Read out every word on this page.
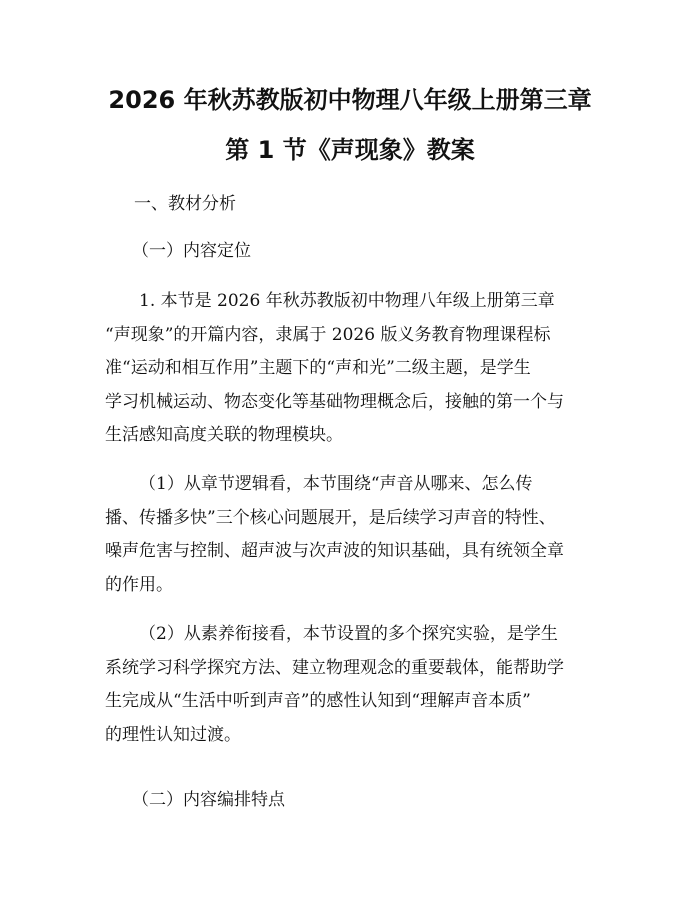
2026 年秋苏教版初中物理八年级上册第三章
第 1 节《声现象》教案
一、教材分析
（一）内容定位
1. 本节是 2026 年秋苏教版初中物理八年级上册第三章
“声现象”的开篇内容，隶属于 2026 版义务教育物理课程标
准“运动和相互作用”主题下的“声和光”二级主题，是学生
学习机械运动、物态变化等基础物理概念后，接触的第一个与
生活感知高度关联的物理模块。
（1）从章节逻辑看，本节围绕“声音从哪来、怎么传
播、传播多快”三个核心问题展开，是后续学习声音的特性、
噪声危害与控制、超声波与次声波的知识基础，具有统领全章
的作用。
（2）从素养衔接看，本节设置的多个探究实验，是学生
系统学习科学探究方法、建立物理观念的重要载体，能帮助学
生完成从“生活中听到声音”的感性认知到“理解声音本质”
的理性认知过渡。
（二）内容编排特点
